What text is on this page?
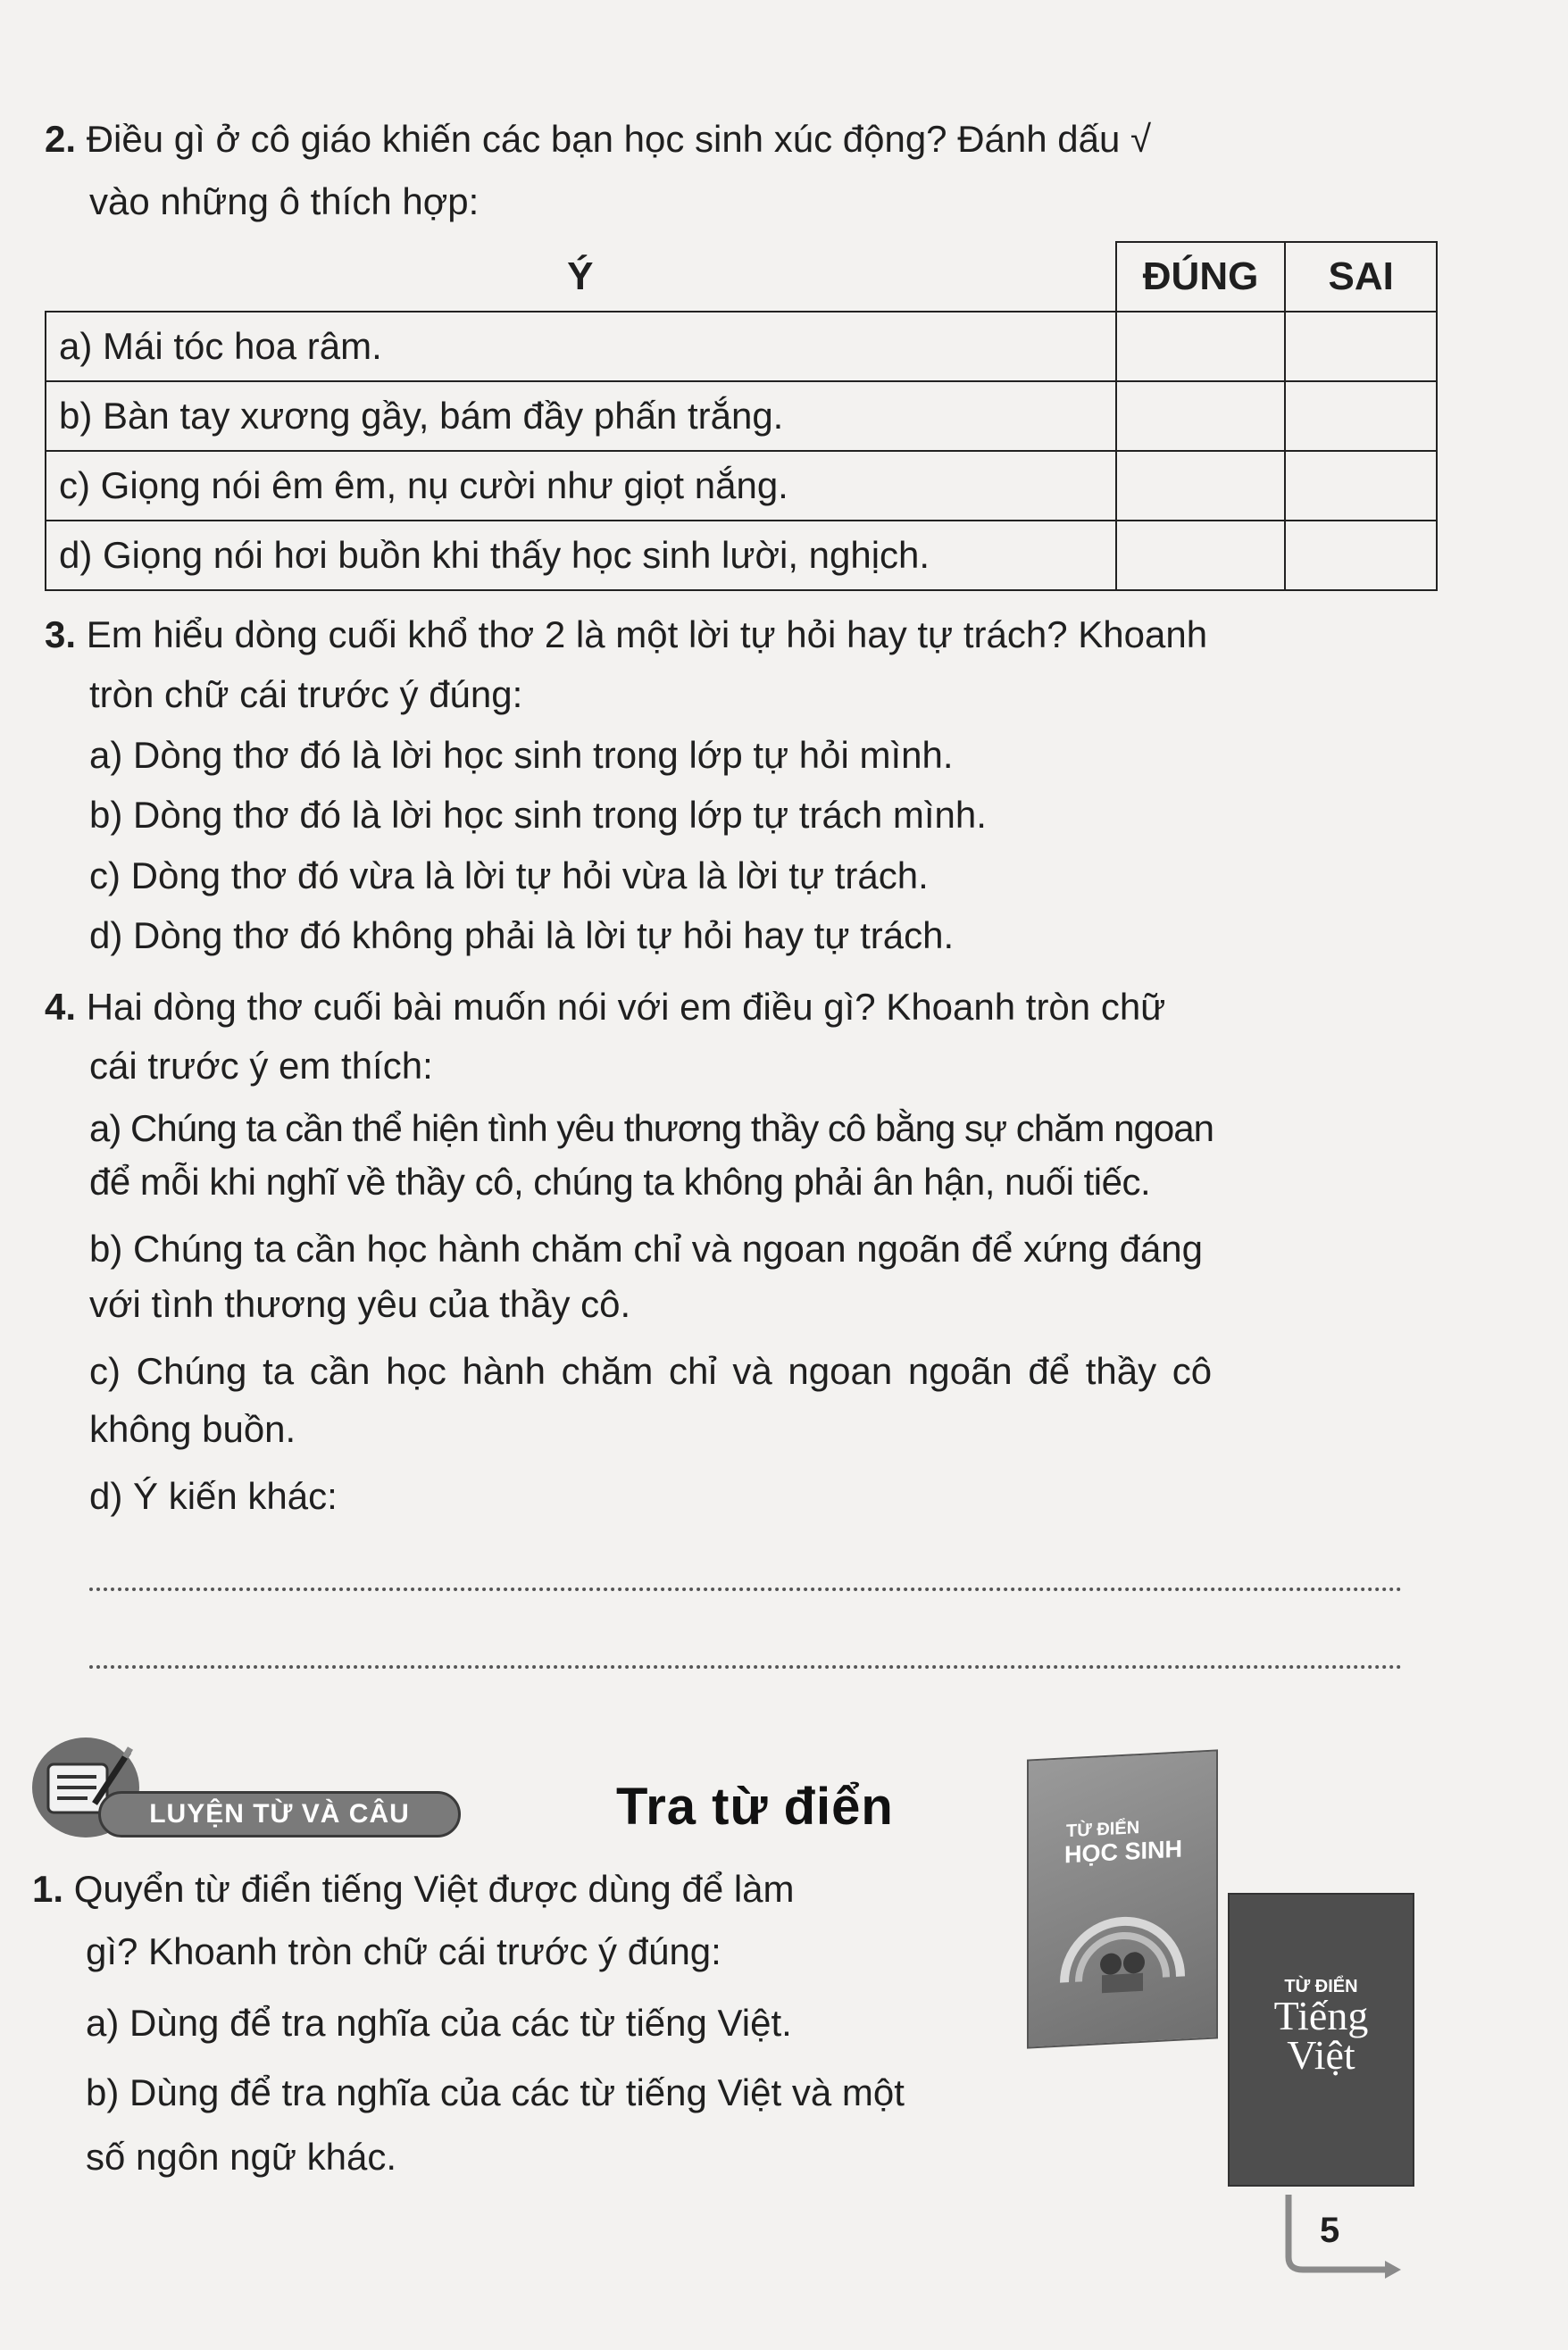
2. Điều gì ở cô giáo khiến các bạn học sinh xúc động? Đánh dấu √
vào những ô thích hợp:
Ý	ĐÚNG	SAI
a) Mái tóc hoa râm.		
b) Bàn tay xương gầy, bám đầy phấn trắng.		
c) Giọng nói êm êm, nụ cười như giọt nắng.		
d) Giọng nói hơi buồn khi thấy học sinh lười, nghịch.		
3. Em hiểu dòng cuối khổ thơ 2 là một lời tự hỏi hay tự trách? Khoanh
tròn chữ cái trước ý đúng:
a) Dòng thơ đó là lời học sinh trong lớp tự hỏi mình.
b) Dòng thơ đó là lời học sinh trong lớp tự trách mình.
c) Dòng thơ đó vừa là lời tự hỏi vừa là lời tự trách.
d) Dòng thơ đó không phải là lời tự hỏi hay tự trách.
4. Hai dòng thơ cuối bài muốn nói với em điều gì? Khoanh tròn chữ
cái trước ý em thích:
a) Chúng ta cần thể hiện tình yêu thương thầy cô bằng sự chăm ngoan
để mỗi khi nghĩ về thầy cô, chúng ta không phải ân hận, nuối tiếc.
b) Chúng ta cần học hành chăm chỉ và ngoan ngoãn để xứng đáng
với tình thương yêu của thầy cô.
c) Chúng ta cần học hành chăm chỉ và ngoan ngoãn để thầy cô
không buồn.
d) Ý kiến khác:
LUYỆN TỪ VÀ CÂU	Tra từ điển
1. Quyển từ điển tiếng Việt được dùng để làm
gì? Khoanh tròn chữ cái trước ý đúng:
a) Dùng để tra nghĩa của các từ tiếng Việt.
b) Dùng để tra nghĩa của các từ tiếng Việt và một
số ngôn ngữ khác.
TỪ ĐIỂN
HỌC SINH
TỪ ĐIỂN
Tiếng
Việt
5
